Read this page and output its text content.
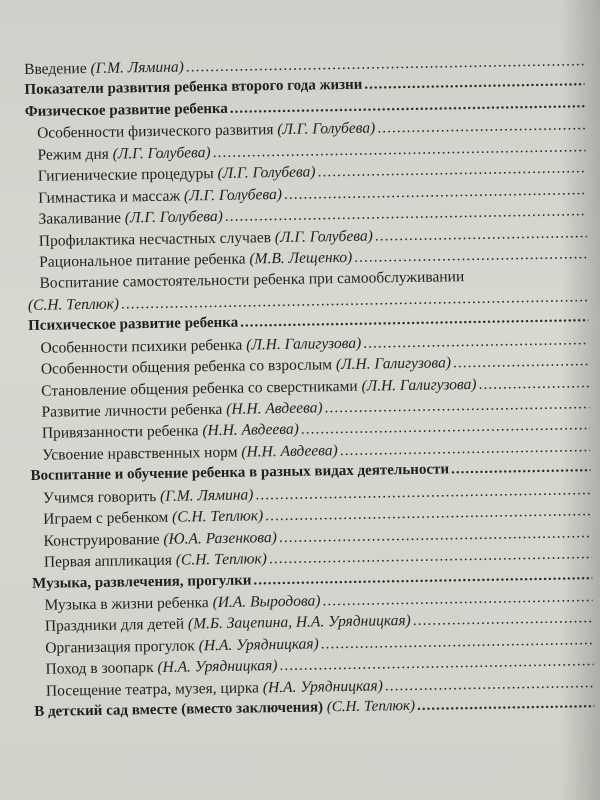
Введение (Г.М. Лямина)
.....
Показатели развития ребенка второго года жизни
.....
Физическое развитие ребенка
.....
Особенности физического развития (Л.Г. Голубева)
.....
Режим дня (Л.Г. Голубева)
.....
Гигиенические процедуры (Л.Г. Голубева)
.....
Гимнастика и массаж (Л.Г. Голубева)
.....
Закаливание (Л.Г. Голубева)
.....
Профилактика несчастных случаев (Л.Г. Голубева)
.....
Рациональное питание ребенка (М.В. Лещенко)
.....
Воспитание самостоятельности ребенка при самообслуживании
(С.Н. Теплюк)
.....
Психическое развитие ребенка
.....
Особенности психики ребенка (Л.Н. Галигузова)
.....
Особенности общения ребенка со взрослым (Л.Н. Галигузова)
.....
Становление общения ребенка со сверстниками (Л.Н. Галигузова)
.....
Развитие личности ребенка (Н.Н. Авдеева)
.....
Привязанности ребенка (Н.Н. Авдеева)
.....
Усвоение нравственных норм (Н.Н. Авдеева)
.....
Воспитание и обучение ребенка в разных видах деятельности
.....
Учимся говорить (Г.М. Лямина)
.....
Играем с ребенком (С.Н. Теплюк)
.....
Конструирование (Ю.А. Разенкова)
.....
Первая аппликация (С.Н. Теплюк)
.....
Музыка, развлечения, прогулки
.....
Музыка в жизни ребенка (И.А. Выродова)
.....
Праздники для детей (М.Б. Зацепина, Н.А. Урядницкая)
.....
Организация прогулок (Н.А. Урядницкая)
.....
Поход в зоопарк (Н.А. Урядницкая)
.....
Посещение театра, музея, цирка (Н.А. Урядницкая)
.....
В детский сад вместе (вместо заключения) (С.Н. Теплюк)
.....
